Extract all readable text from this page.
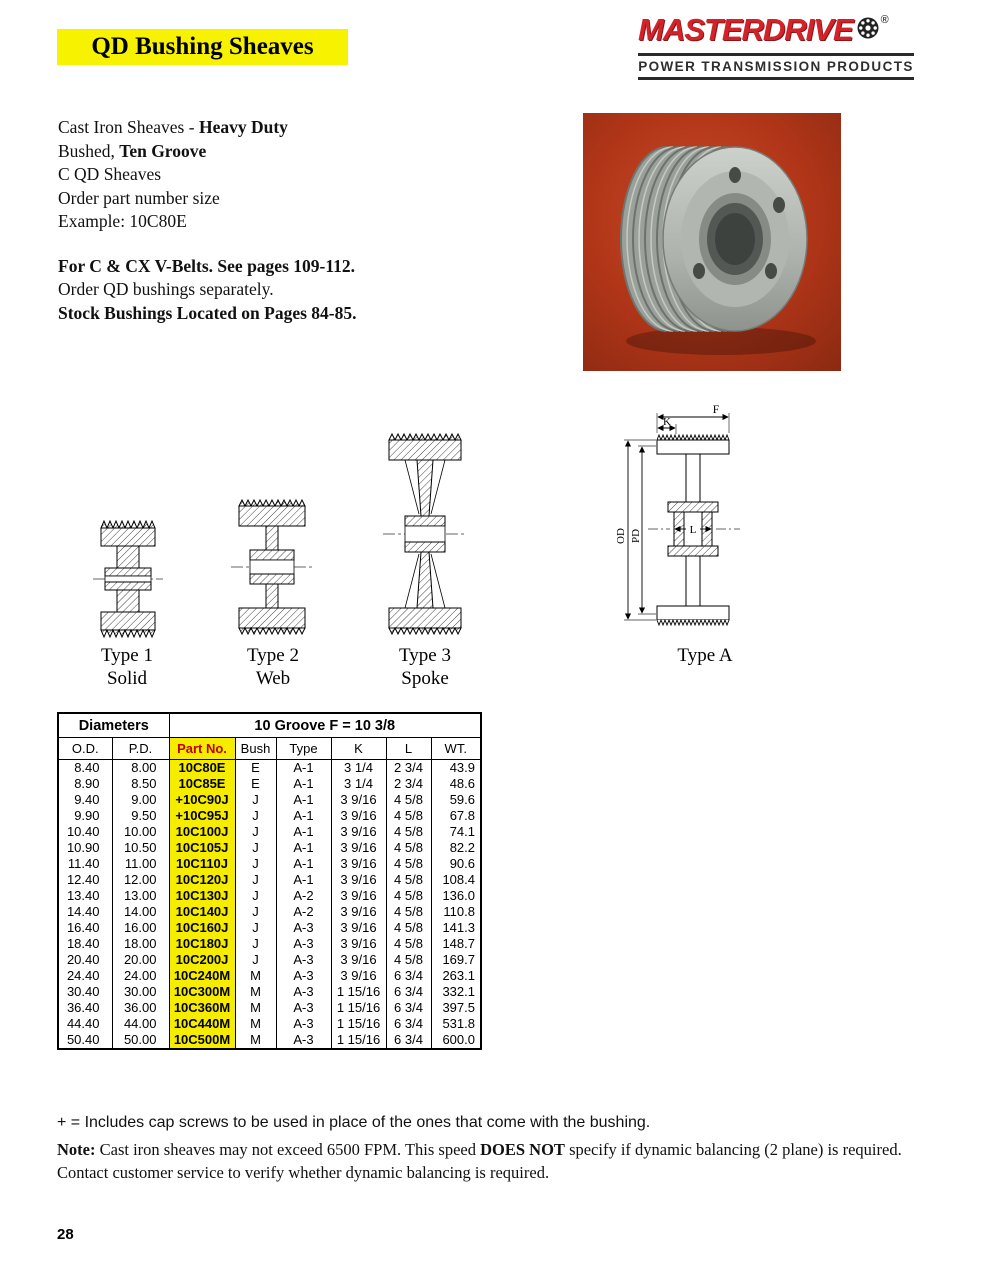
QD Bushing Sheaves	MASTERDRIVE	®
POWER TRANSMISSION PRODUCTS

Cast Iron Sheaves - Heavy Duty

Bushed, Ten Groove

C QD Sheaves

Order part number size

Example: 10C80E

For C & CX V-Belts. See pages 109-112.

Order QD bushings separately.

Stock Bushings Located on Pages 84-85.

F
K
OD PD	L
Type 1
Solid
Type 2
Web
Type 3
Spoke
Type A
Diameters		10 Groove F = 10 3/8					
O.D.	P.D.	Part No.	Bush	Type	K	L	WT.
8.40	8.00	10C80E	E	A-1	3 1/4	2 3/4	43.9
8.90	8.50	10C85E	E	A-1	3 1/4	2 3/4	48.6
9.40	9.00	+10C90J	J	A-1	3 9/16	4 5/8	59.6
9.90	9.50	+10C95J	J	A-1	3 9/16	4 5/8	67.8
10.40	10.00	10C100J	J	A-1	3 9/16	4 5/8	74.1
10.90	10.50	10C105J	J	A-1	3 9/16	4 5/8	82.2
11.40	11.00	10C110J	J	A-1	3 9/16	4 5/8	90.6
12.40	12.00	10C120J	J	A-1	3 9/16	4 5/8	108.4
13.40	13.00	10C130J	J	A-2	3 9/16	4 5/8	136.0
14.40	14.00	10C140J	J	A-2	3 9/16	4 5/8	110.8
16.40	16.00	10C160J	J	A-3	3 9/16	4 5/8	141.3
18.40	18.00	10C180J	J	A-3	3 9/16	4 5/8	148.7
20.40	20.00	10C200J	J	A-3	3 9/16	4 5/8	169.7
24.40	24.00	10C240M	M	A-3	3 9/16	6 3/4	263.1
30.40	30.00	10C300M	M	A-3	1 15/16	6 3/4	332.1
36.40	36.00	10C360M	M	A-3	1 15/16	6 3/4	397.5
44.40	44.00	10C440M	M	A-3	1 15/16	6 3/4	531.8
50.40	50.00	10C500M	M	A-3	1 15/16	6 3/4	600.0

+ = Includes cap screws to be used in place of the ones that come with the bushing.

Note: Cast iron sheaves may not exceed 6500 FPM. This speed DOES NOT specify if dynamic balancing (2 plane) is required.

Contact customer service to verify whether dynamic balancing is required.

28
